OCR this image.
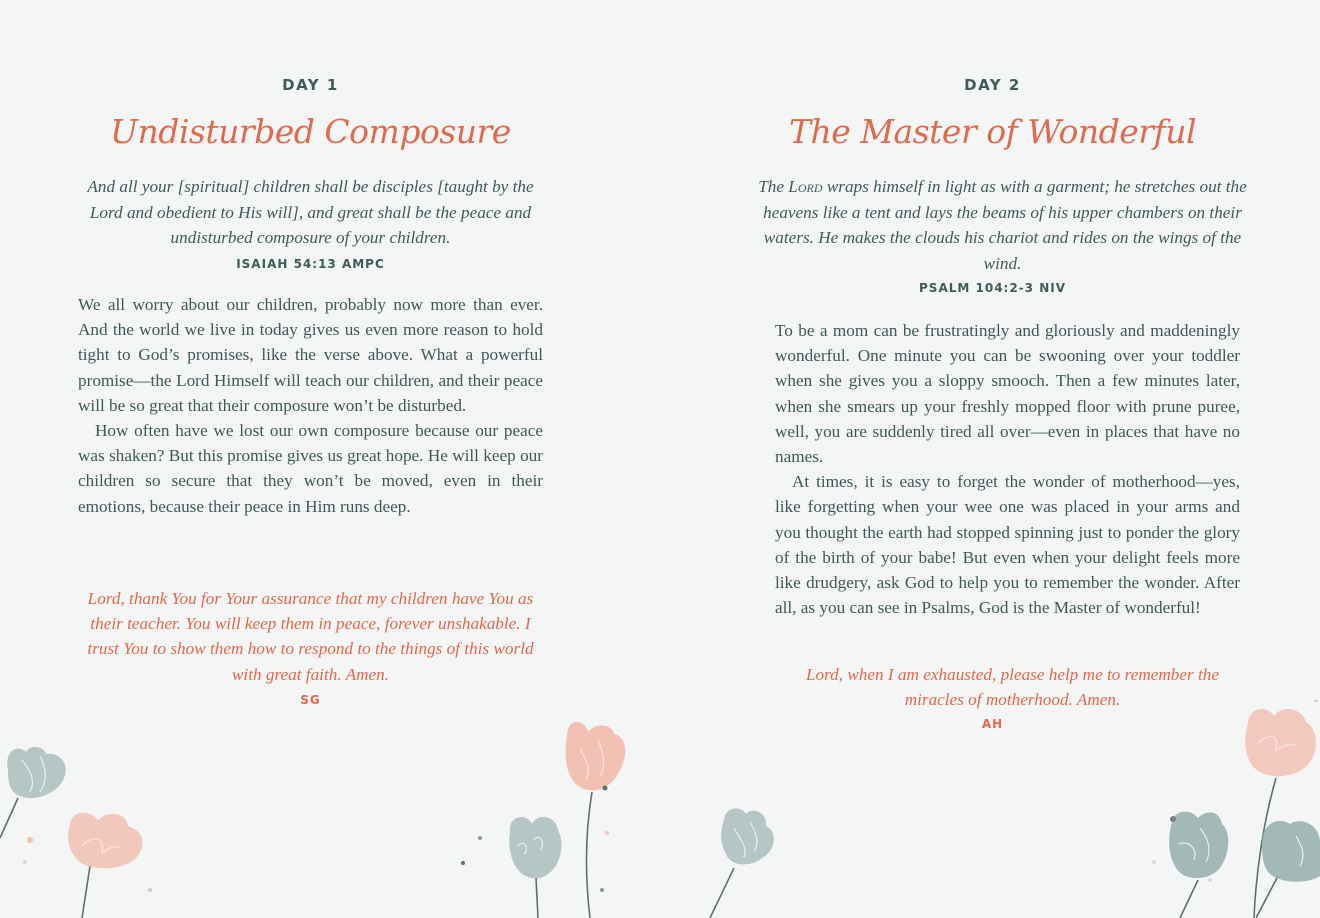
DAY 1
Undisturbed Composure
And all your [spiritual] children shall be disciples [taught by the Lord and obedient to His will], and great shall be the peace and undisturbed composure of your children.
ISAIAH 54:13 AMPC

We all worry about our children, probably now more than ever. And the world we live in today gives us even more reason to hold tight to God’s promises, like the verse above. What a powerful promise—the Lord Himself will teach our children, and their peace will be so great that their composure won’t be disturbed.

How often have we lost our own composure because our peace was shaken? But this promise gives us great hope. He will keep our children so secure that they won’t be moved, even in their emotions, because their peace in Him runs deep.

Lord, thank You for Your assurance that my children have You as their teacher. You will keep them in peace, forever unshakable. I trust You to show them how to respond to the things of this world with great faith. Amen.
SG
DAY 2
The Master of Wonderful
The Lord wraps himself in light as with a garment; he stretches out the heavens like a tent and lays the beams of his upper chambers on their waters. He makes the clouds his chariot and rides on the wings of the wind.
PSALM 104:2-3 NIV

To be a mom can be frustratingly and gloriously and maddeningly wonderful. One minute you can be swooning over your toddler when she gives you a sloppy smooch. Then a few minutes later, when she smears up your freshly mopped floor with prune puree, well, you are suddenly tired all over—even in places that have no names.

At times, it is easy to forget the wonder of motherhood—yes, like forgetting when your wee one was placed in your arms and you thought the earth had stopped spinning just to ponder the glory of the birth of your babe! But even when your delight feels more like drudgery, ask God to help you to remember the wonder. After all, as you can see in Psalms, God is the Master of wonderful!

Lord, when I am exhausted, please help me to remember the miracles of motherhood. Amen.
AH
